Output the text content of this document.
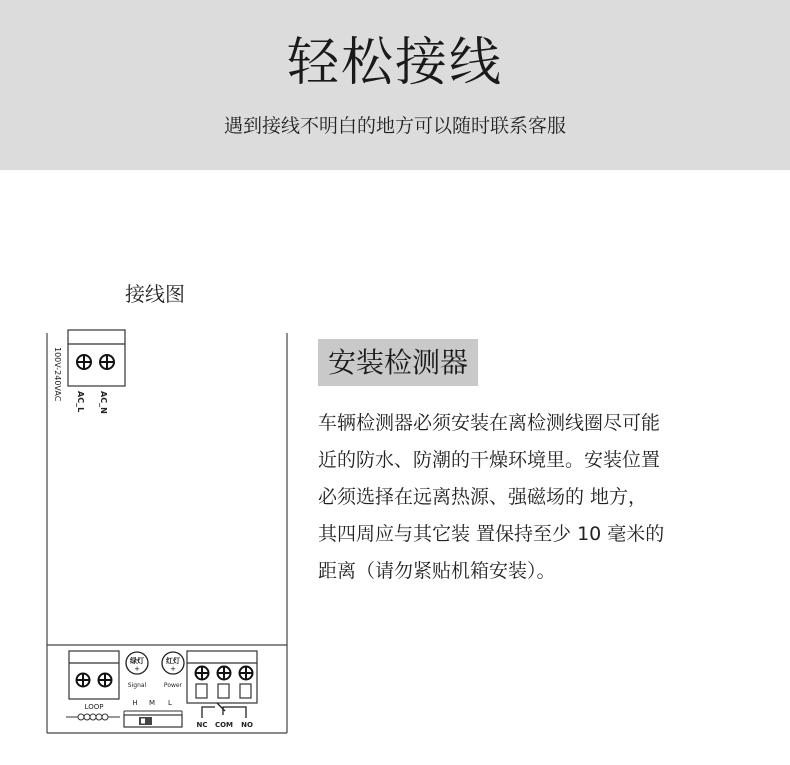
轻松接线
遇到接线不明白的地方可以随时联系客服
接线图
100V-240VAC
AC_L AC_N
LOOP
绿灯
+
红灯
+
Signal	Power
H M L
NC COM NO
安装检测器

车辆检测器必须安装在离检测线圈尽可能

近的防水、防潮的干燥环境里。安装位置

必须选择在远离热源、强磁场的 地方，

其四周应与其它装 置保持至少 10 毫米的

距离（请勿紧贴机箱安装）。
